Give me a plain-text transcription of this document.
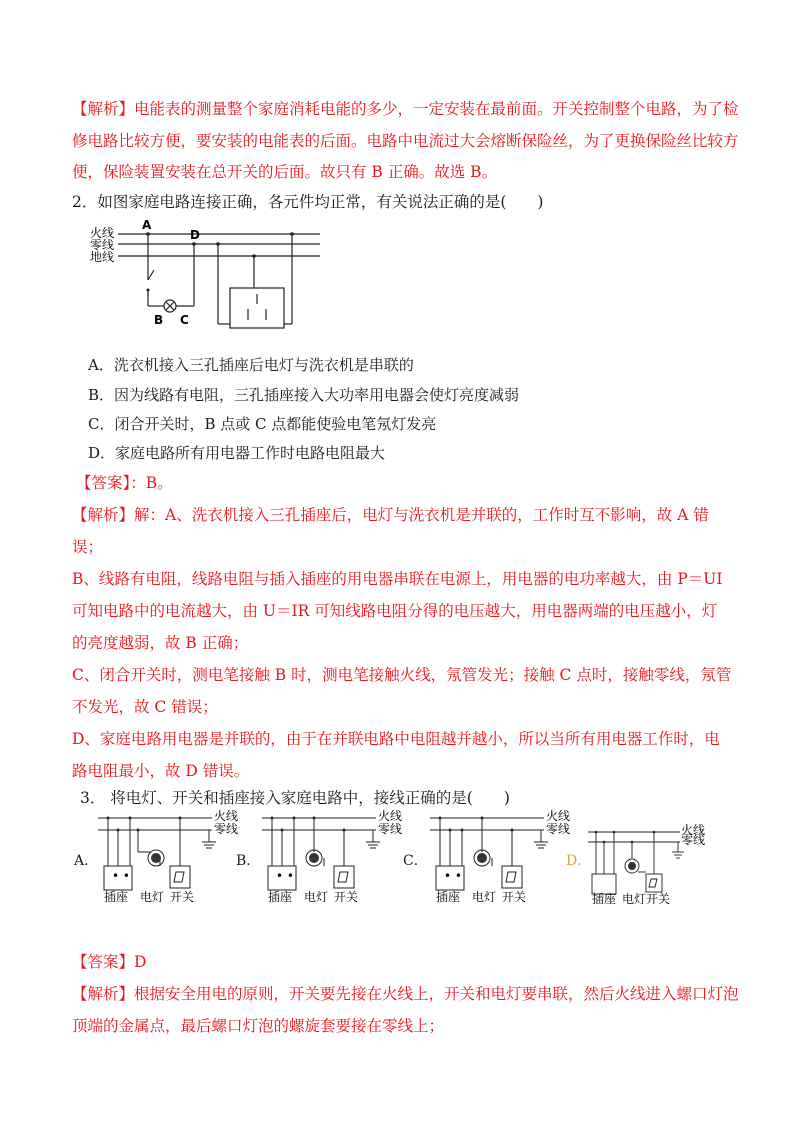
【解析】电能表的测量整个家庭消耗电能的多少，一定安装在最前面。开关控制整个电路，为了检
修电路比较方便，要安装的电能表的后面。电路中电流过大会熔断保险丝，为了更换保险丝比较方
便，保险装置安装在总开关的后面。故只有 B 正确。故选 B。
2．如图家庭电路连接正确，各元件均正常，有关说法正确的是(　　)
火线
零线
地线
A
D
B C
A．洗衣机接入三孔插座后电灯与洗衣机是串联的
B．因为线路有电阻，三孔插座接入大功率用电器会使灯亮度减弱
C．闭合开关时，B 点或 C 点都能使验电笔氖灯发亮
D．家庭电路所有用电器工作时电路电阻最大
【答案】：B。
【解析】解：A、洗衣机接入三孔插座后，电灯与洗衣机是并联的，工作时互不影响，故 A 错
误；
B、线路有电阻，线路电阻与插入插座的用电器串联在电源上，用电器的电功率越大，由 P＝UI
可知电路中的电流越大，由 U＝IR 可知线路电阻分得的电压越大，用电器两端的电压越小，灯
的亮度越弱，故 B 正确；
C、闭合开关时，测电笔接触 B 时，测电笔接触火线，氖管发光；接触 C 点时，接触零线，氖管
不发光，故 C 错误；
D、家庭电路用电器是并联的，由于在并联电路中电阻越并越小，所以当所有用电器工作时，电
路电阻最小，故 D 错误。
3． 将电灯、开关和插座接入家庭电路中，接线正确的是(　　)
A．	B．	C．	D．
• •
火线
零线
插座 电灯 开关
• •
火线
零线
插座 电灯 开关
• •
火线
零线
插座 电灯 开关
火线
零线
插座 电灯 开关
【答案】D
【解析】根据安全用电的原则，开关要先接在火线上，开关和电灯要串联，然后火线进入螺口灯泡
顶端的金属点，最后螺口灯泡的螺旋套要接在零线上；
